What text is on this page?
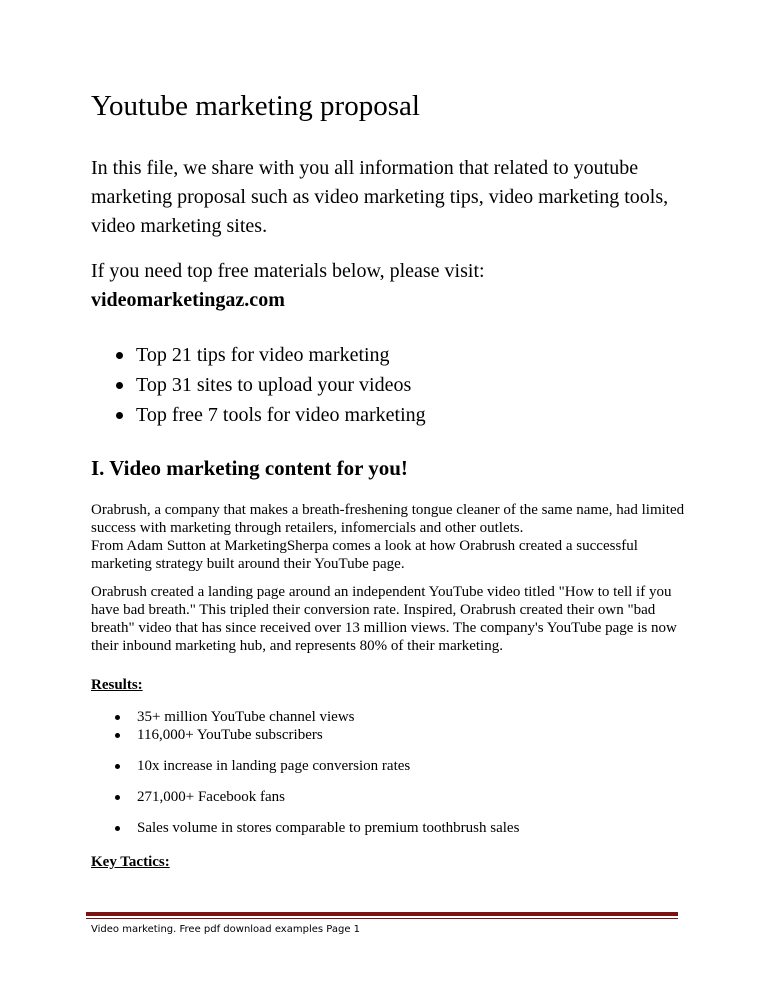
Youtube marketing proposal

In this file, we share with you all information that related to youtube marketing proposal such as video marketing tips, video marketing tools, video marketing sites.

If you need top free materials below, please visit:
videomarketingaz.com

Top 21 tips for video marketing
Top 31 sites to upload your videos
Top free 7 tools for video marketing
I. Video marketing content for you!

Orabrush, a company that makes a breath-freshening tongue cleaner of the same name, had limited success with marketing through retailers, infomercials and other outlets.
From Adam Sutton at MarketingSherpa comes a look at how Orabrush created a successful marketing strategy built around their YouTube page.

Orabrush created a landing page around an independent YouTube video titled "How to tell if you have bad breath." This tripled their conversion rate. Inspired, Orabrush created their own "bad breath" video that has since received over 13 million views. The company's YouTube page is now their inbound marketing hub, and represents 80% of their marketing.

Results:

35+ million YouTube channel views
116,000+ YouTube subscribers
10x increase in landing page conversion rates
271,000+ Facebook fans
Sales volume in stores comparable to premium toothbrush sales

Key Tactics:

Video marketing. Free pdf download examples Page 1
